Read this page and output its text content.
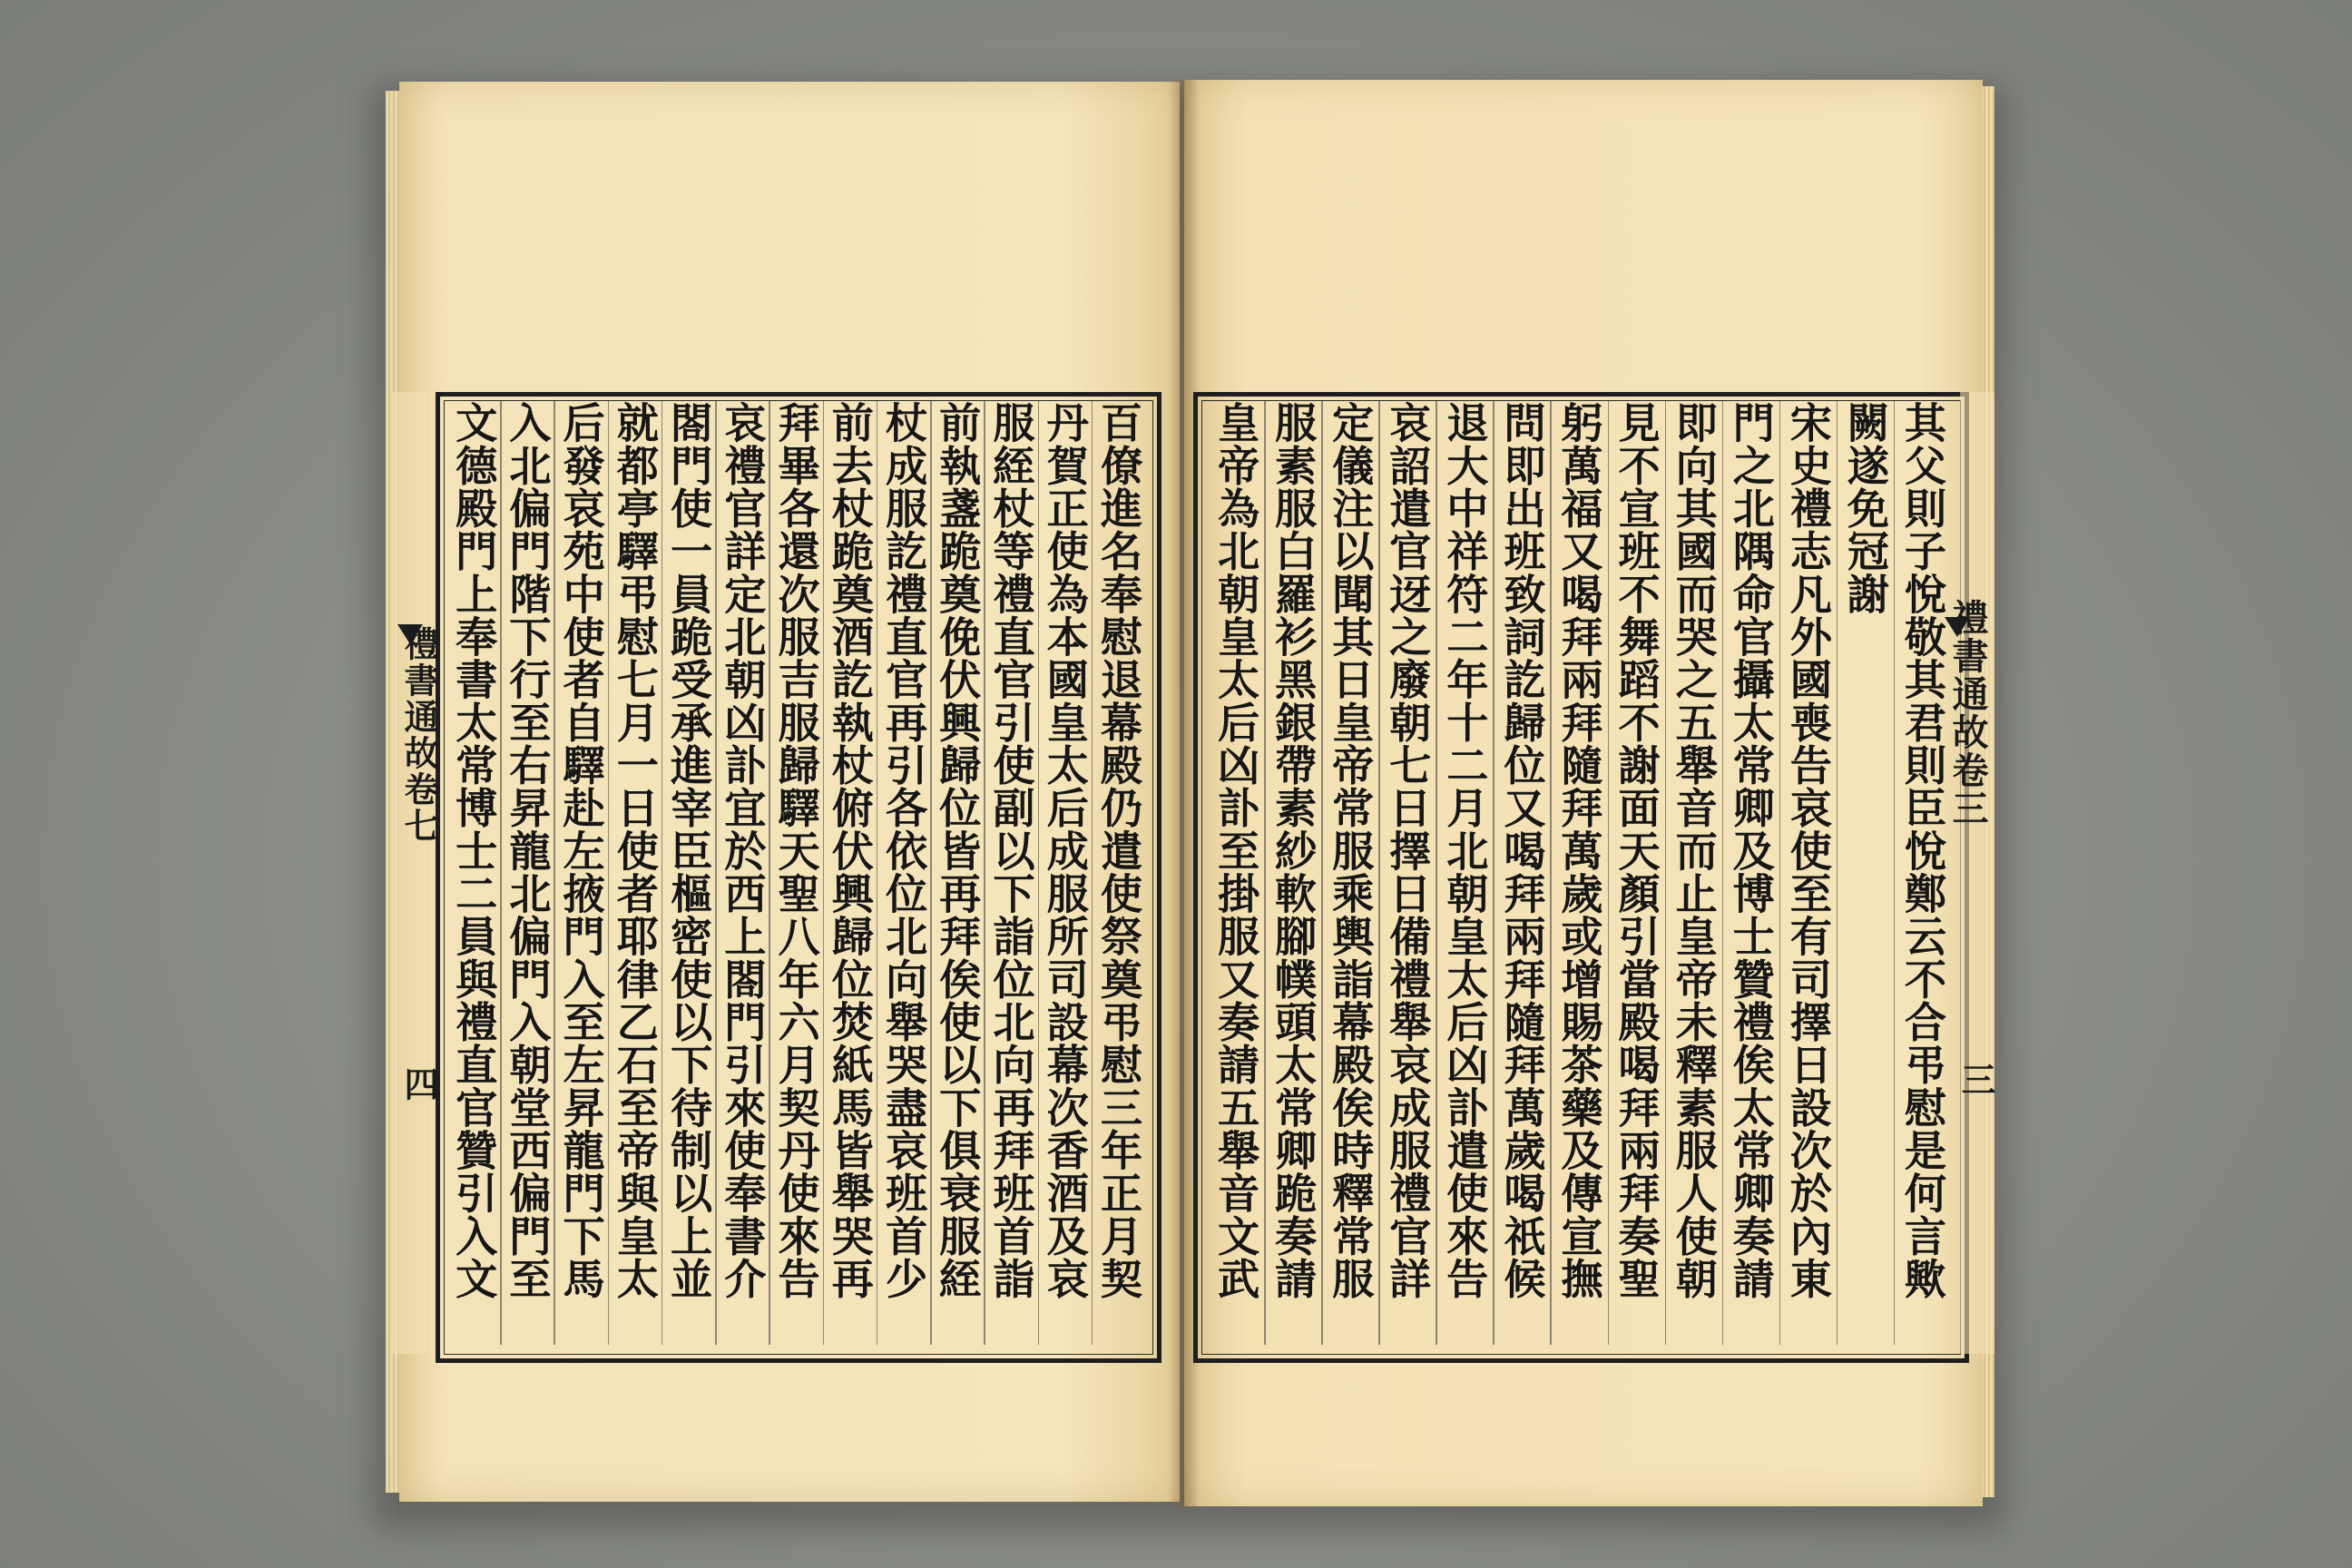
百僚進名奉慰退幕殿仍遣使祭奠弔慰三年正月契
丹賀正使為本國皇太后成服所司設幕次香酒及哀
服絰杖等禮直官引使副以下詣位北向再拜班首詣
前執盞跪奠俛伏興歸位皆再拜俟使以下俱衰服絰
杖成服訖禮直官再引各依位北向舉哭盡哀班首少
前去杖跪奠酒訖執杖俯伏興歸位焚紙馬皆舉哭再
拜畢各還次服吉服歸驛天聖八年六月契丹使來告
哀禮官詳定北朝凶訃宜於西上閤門引來使奉書介
閤門使一員跪受承進宰臣樞密使以下待制以上並
就都亭驛弔慰七月一日使者耶律乙石至帝與皇太
后發哀苑中使者自驛赴左掖門入至左昇龍門下馬
入北偏門階下行至右昇龍北偏門入朝堂西偏門至
文德殿門上奉書太常博士二員與禮直官贊引入文
禮書通故卷七
四	其父則子悅敬其君則臣悅鄭云不合弔慰是何言歟
闕遂免冠謝
宋史禮志凡外國喪告哀使至有司擇日設次於內東
門之北隅命官攝太常卿及博士贊禮俟太常卿奏請
即向其國而哭之五舉音而止皇帝未釋素服人使朝
見不宣班不舞蹈不謝面天顏引當殿喝拜兩拜奏聖
躬萬福又喝拜兩拜隨拜萬歲或增賜茶藥及傳宣撫
問即出班致詞訖歸位又喝拜兩拜隨拜萬歲喝祇候
退大中祥符二年十二月北朝皇太后凶訃遣使來告
哀詔遣官迓之廢朝七日擇日備禮舉哀成服禮官詳
定儀注以聞其日皇帝常服乘輿詣幕殿俟時釋常服
服素服白羅衫黑銀帶素紗軟腳幞頭太常卿跪奏請
皇帝為北朝皇太后凶訃至掛服又奏請五舉音文武	禮書通故卷三
三
